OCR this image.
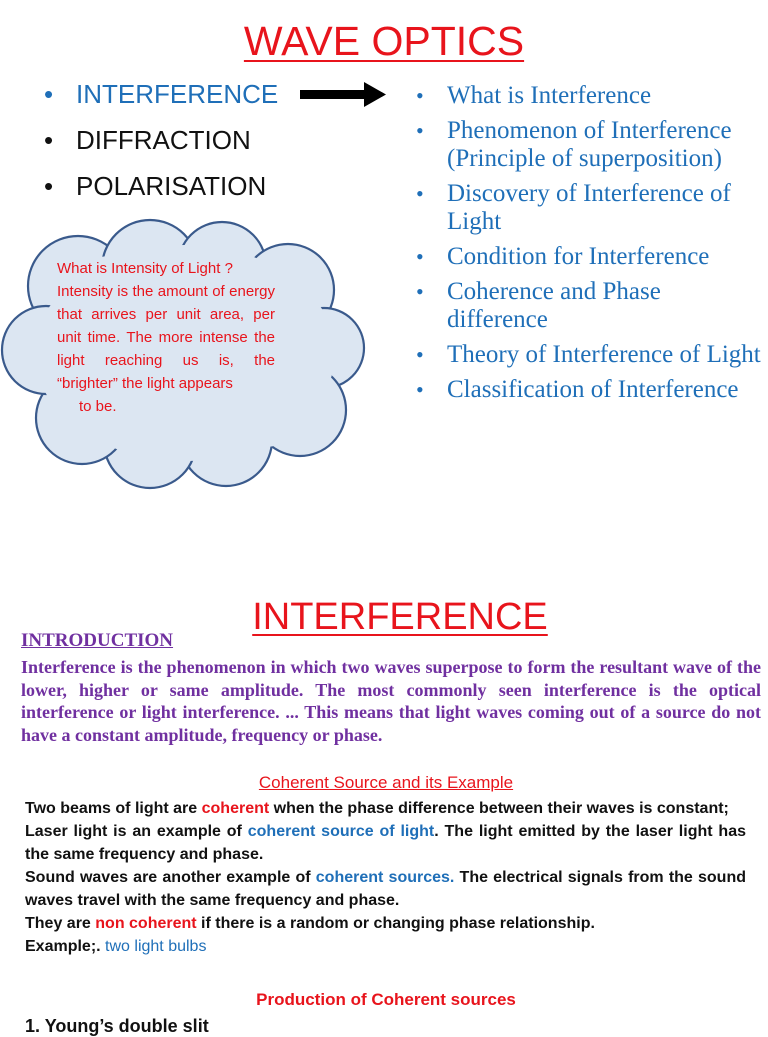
WAVE OPTICS
• INTERFERENCE
• DIFFRACTION
• POLARISATION
• What is Interference
• Phenomenon of Interference (Principle of superposition)
• Discovery of Interference of Light
• Condition for Interference
• Coherence and Phase difference
• Theory of Interference of Light
• Classification of Interference
What is Intensity of Light ?
Intensity is the amount of energy that arrives per unit area, per unit time. The more intense the light reaching us is, the “brighter” the light appears
to be.
INTERFERENCE
INTRODUCTION
Interference is the phenomenon in which two waves superpose to form the resultant wave of the lower, higher or same amplitude. The most commonly seen interference is the optical interference or light interference. ... This means that light waves coming out of a source do not have a constant amplitude, frequency or phase.
Coherent Source and its Example

Two beams of light are coherent when the phase difference between their waves is constant;

Laser light is an example of coherent source of light. The light emitted by the laser light has the same frequency and phase.

Sound waves are another example of coherent sources. The electrical signals from the sound waves travel with the same frequency and phase.

They are non coherent if there is a random or changing phase relationship.

Example;. two light bulbs

Production of Coherent sources
1. Young’s double slit
